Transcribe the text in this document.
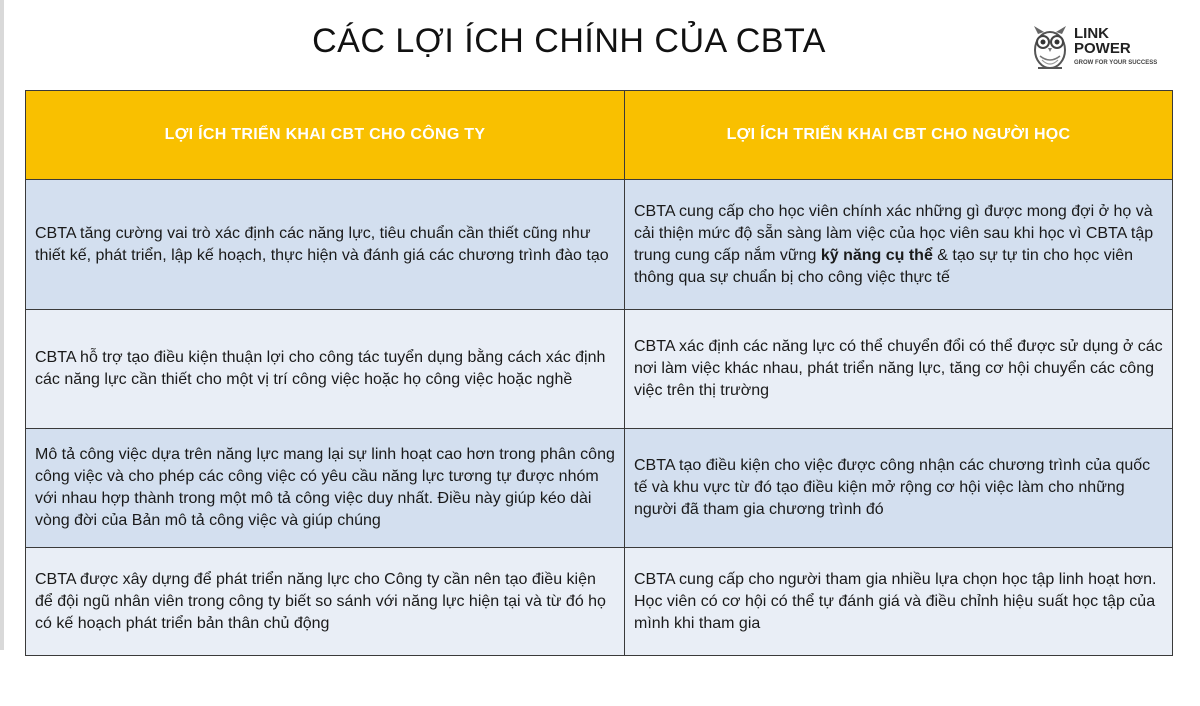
CÁC LỢI ÍCH CHÍNH CỦA CBTA	LINK
POWER
GROW FOR YOUR SUCCESS
LỢI ÍCH TRIỂN KHAI CBT CHO CÔNG TY	LỢI ÍCH TRIỂN KHAI CBT CHO NGƯỜI HỌC
CBTA tăng cường vai trò xác định các năng lực, tiêu chuẩn cần thiết cũng như thiết kế, phát triển, lập kế hoạch, thực hiện và đánh giá các chương trình đào tạo	CBTA cung cấp cho học viên chính xác những gì được mong đợi ở họ và cải thiện mức độ sẵn sàng làm việc của học viên sau khi học vì CBTA tập trung cung cấp nắm vững kỹ năng cụ thể & tạo sự tự tin cho học viên thông qua sự chuẩn bị cho công việc thực tế
CBTA hỗ trợ tạo điều kiện thuận lợi cho công tác tuyển dụng bằng cách xác định các năng lực cần thiết cho một vị trí công việc hoặc họ công việc hoặc nghề	CBTA xác định các năng lực có thể chuyển đổi có thể được sử dụng ở các nơi làm việc khác nhau, phát triển năng lực, tăng cơ hội chuyển các công việc trên thị trường
Mô tả công việc dựa trên năng lực mang lại sự linh hoạt cao hơn trong phân công công việc và cho phép các công việc có yêu cầu năng lực tương tự được nhóm với nhau hợp thành trong một mô tả công việc duy nhất. Điều này giúp kéo dài vòng đời của Bản mô tả công việc và giúp chúng	CBTA tạo điều kiện cho việc được công nhận các chương trình của quốc tế và khu vực từ đó tạo điều kiện mở rộng cơ hội việc làm cho những người đã tham gia chương trình đó
CBTA được xây dựng để phát triển năng lực cho Công ty cần nên tạo điều kiện để đội ngũ nhân viên trong công ty biết so sánh với năng lực hiện tại và từ đó họ có kế hoạch phát triển bản thân chủ động	CBTA cung cấp cho người tham gia nhiều lựa chọn học tập linh hoạt hơn. Học viên có cơ hội có thể tự đánh giá và điều chỉnh hiệu suất học tập của mình khi tham gia
